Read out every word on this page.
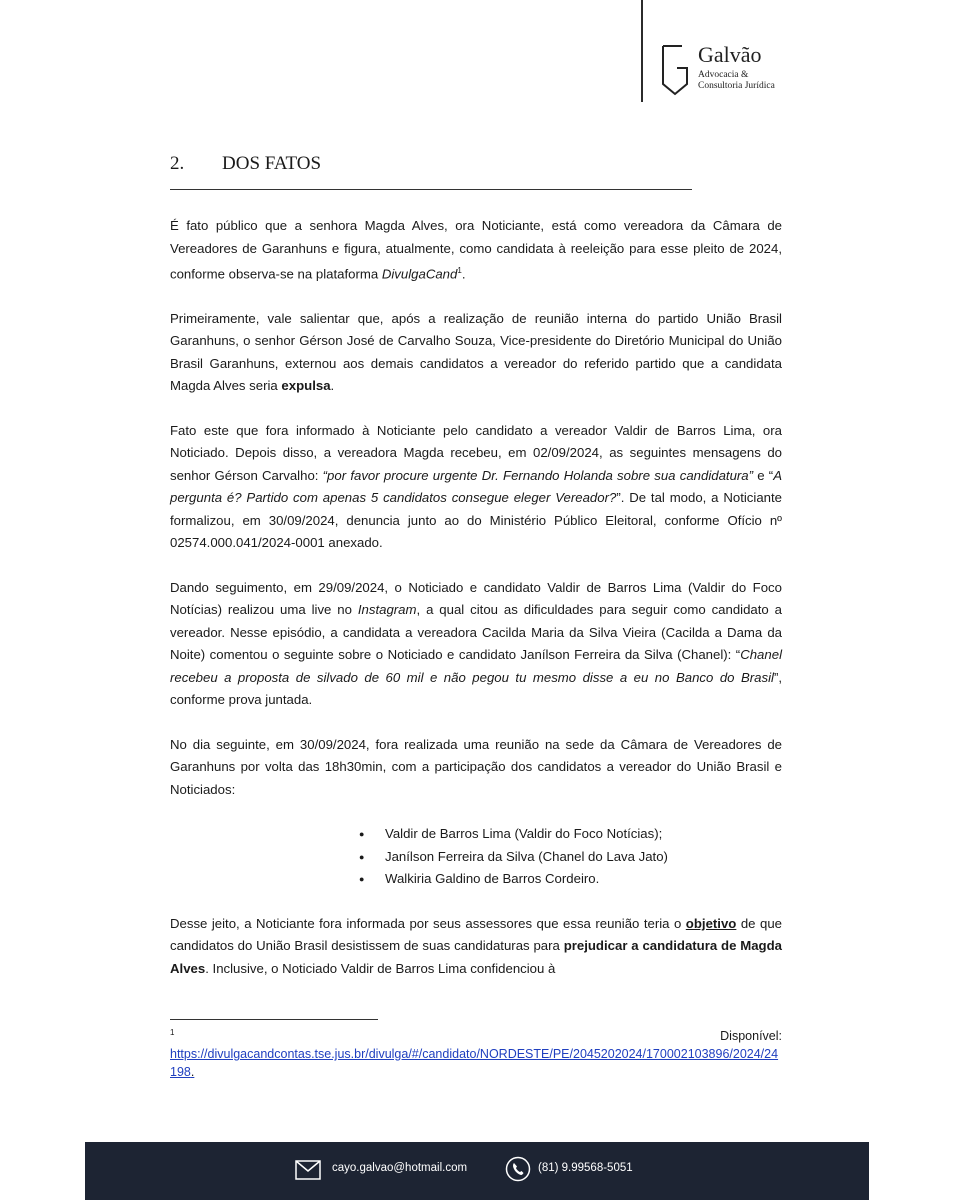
Galvão
Advocacia &
Consultoria Jurídica
2. DOS FATOS

É fato público que a senhora Magda Alves, ora Noticiante, está como vereadora da Câmara de Vereadores de Garanhuns e figura, atualmente, como candidata à reeleição para esse pleito de 2024, conforme observa-se na plataforma DivulgaCand$^1$.

Primeiramente, vale salientar que, após a realização de reunião interna do partido União Brasil Garanhuns, o senhor Gérson José de Carvalho Souza, Vice-presidente do Diretório Municipal do União Brasil Garanhuns, externou aos demais candidatos a vereador do referido partido que a candidata Magda Alves seria expulsa.

Fato este que fora informado à Noticiante pelo candidato a vereador Valdir de Barros Lima, ora Noticiado. Depois disso, a vereadora Magda recebeu, em 02/09/2024, as seguintes mensagens do senhor Gérson Carvalho: “por favor procure urgente Dr. Fernando Holanda sobre sua candidatura” e “A pergunta é? Partido com apenas 5 candidatos consegue eleger Vereador?”. De tal modo, a Noticiante formalizou, em 30/09/2024, denuncia junto ao do Ministério Público Eleitoral, conforme Ofício nº 02574.000.041/2024-0001 anexado.

Dando seguimento, em 29/09/2024, o Noticiado e candidato Valdir de Barros Lima (Valdir do Foco Notícias) realizou uma live no Instagram, a qual citou as dificuldades para seguir como candidato a vereador. Nesse episódio, a candidata a vereadora Cacilda Maria da Silva Vieira (Cacilda a Dama da Noite) comentou o seguinte sobre o Noticiado e candidato Janílson Ferreira da Silva (Chanel): “Chanel recebeu a proposta de silvado de 60 mil e não pegou tu mesmo disse a eu no Banco do Brasil”, conforme prova juntada.

No dia seguinte, em 30/09/2024, fora realizada uma reunião na sede da Câmara de Vereadores de Garanhuns por volta das 18h30min, com a participação dos candidatos a vereador do União Brasil e Noticiados:

● Valdir de Barros Lima (Valdir do Foco Notícias);
● Janílson Ferreira da Silva (Chanel do Lava Jato)
● Walkiria Galdino de Barros Cordeiro.

Desse jeito, a Noticiante fora informada por seus assessores que essa reunião teria o objetivo de que candidatos do União Brasil desistissem de suas candidaturas para prejudicar a candidatura de Magda Alves. Inclusive, o Noticiado Valdir de Barros Lima confidenciou à

$^1$	Disponível:
https://divulgacandcontas.tse.jus.br/divulga/#/candidato/NORDESTE/PE/2045202024/170002103896/2024/24198.
cayo.galvao@hotmail.com	(81) 9.99568-5051
